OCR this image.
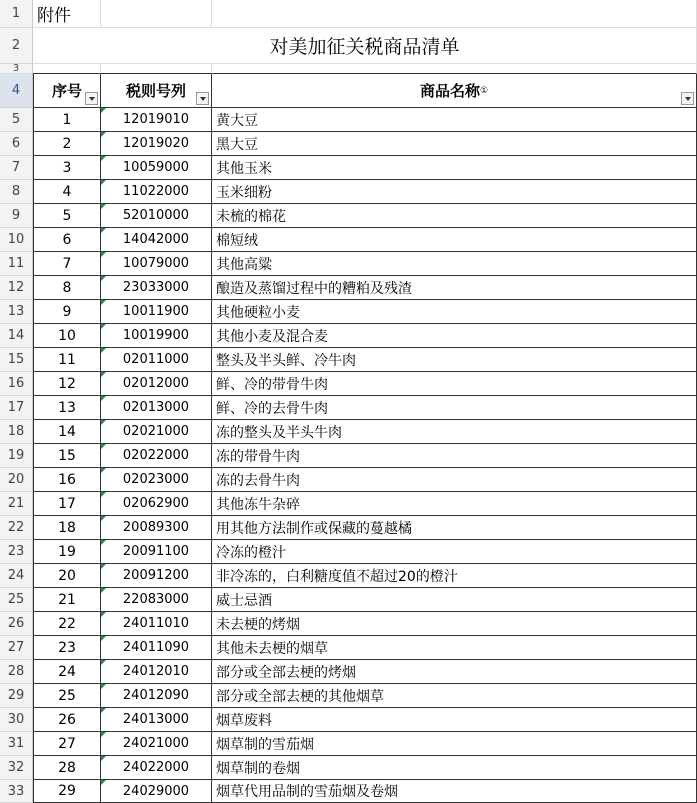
1 附件
2	对美加征关税商品清单
3
4	序号	税则号列	商品名称 ①
5	1	12019010 黄大豆
6	2	12019020 黑大豆
7	3	10059000 其他玉米
8	4	11022000 玉米细粉
9	5	52010000 未梳的棉花
10	6	14042000 棉短绒
11	7	10079000 其他高粱
12	8	23033000 酿造及蒸馏过程中的糟粕及残渣
13	9	10011900 其他硬粒小麦
14	10	10019900 其他小麦及混合麦
15	11	02011000 整头及半头鲜、冷牛肉
16	12	02012000 鲜、冷的带骨牛肉
17	13	02013000 鲜、冷的去骨牛肉
18	14	02021000 冻的整头及半头牛肉
19	15	02022000 冻的带骨牛肉
20	16	02023000 冻的去骨牛肉
21	17	02062900 其他冻牛杂碎
22	18	20089300 用其他方法制作或保藏的蔓越橘
23	19	20091100 冷冻的橙汁
24	20	20091200 非冷冻的，白利糖度值不超过20的橙汁
25	21	22083000 威士忌酒
26	22	24011010 未去梗的烤烟
27	23	24011090 其他未去梗的烟草
28	24	24012010 部分或全部去梗的烤烟
29	25	24012090 部分或全部去梗的其他烟草
30	26	24013000 烟草废料
31	27	24021000 烟草制的雪茄烟
32	28	24022000 烟草制的卷烟
33	29	24029000 烟草代用品制的雪茄烟及卷烟
